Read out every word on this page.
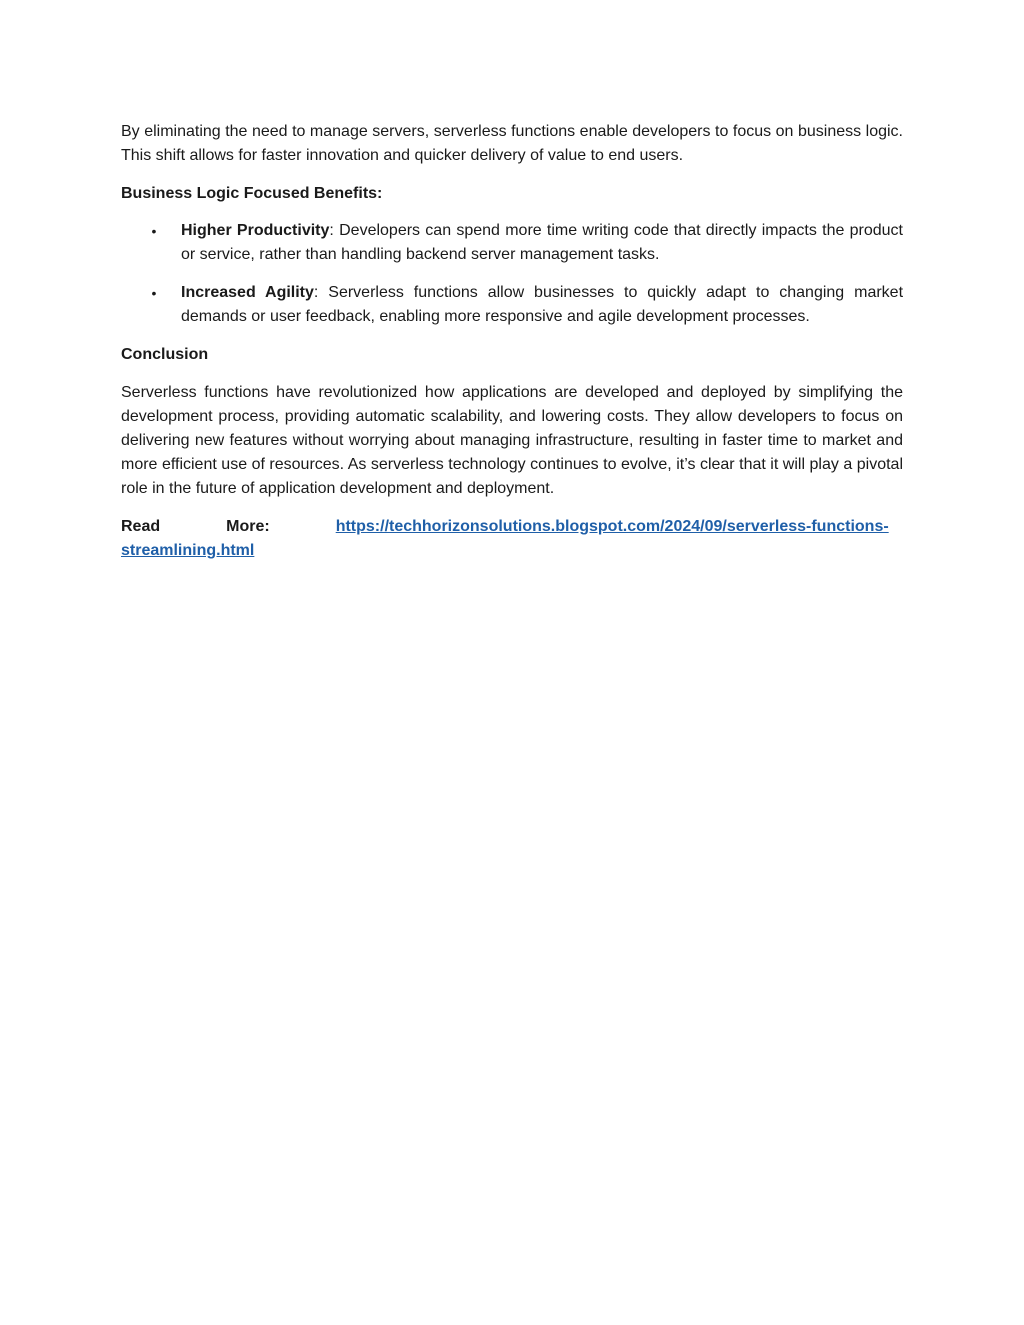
By eliminating the need to manage servers, serverless functions enable developers to focus on business logic. This shift allows for faster innovation and quicker delivery of value to end users.

Business Logic Focused Benefits:

• Higher Productivity: Developers can spend more time writing code that directly impacts the product or service, rather than handling backend server management tasks.
• Increased Agility: Serverless functions allow businesses to quickly adapt to changing market demands or user feedback, enabling more responsive and agile development processes.

Conclusion

Serverless functions have revolutionized how applications are developed and deployed by simplifying the development process, providing automatic scalability, and lowering costs. They allow developers to focus on delivering new features without worrying about managing infrastructure, resulting in faster time to market and more efficient use of resources. As serverless technology continues to evolve, it’s clear that it will play a pivotal role in the future of application development and deployment.

Read	More:	https://techhorizonsolutions.blogspot.com/2024/09/serverless-functions-streamlining.html
